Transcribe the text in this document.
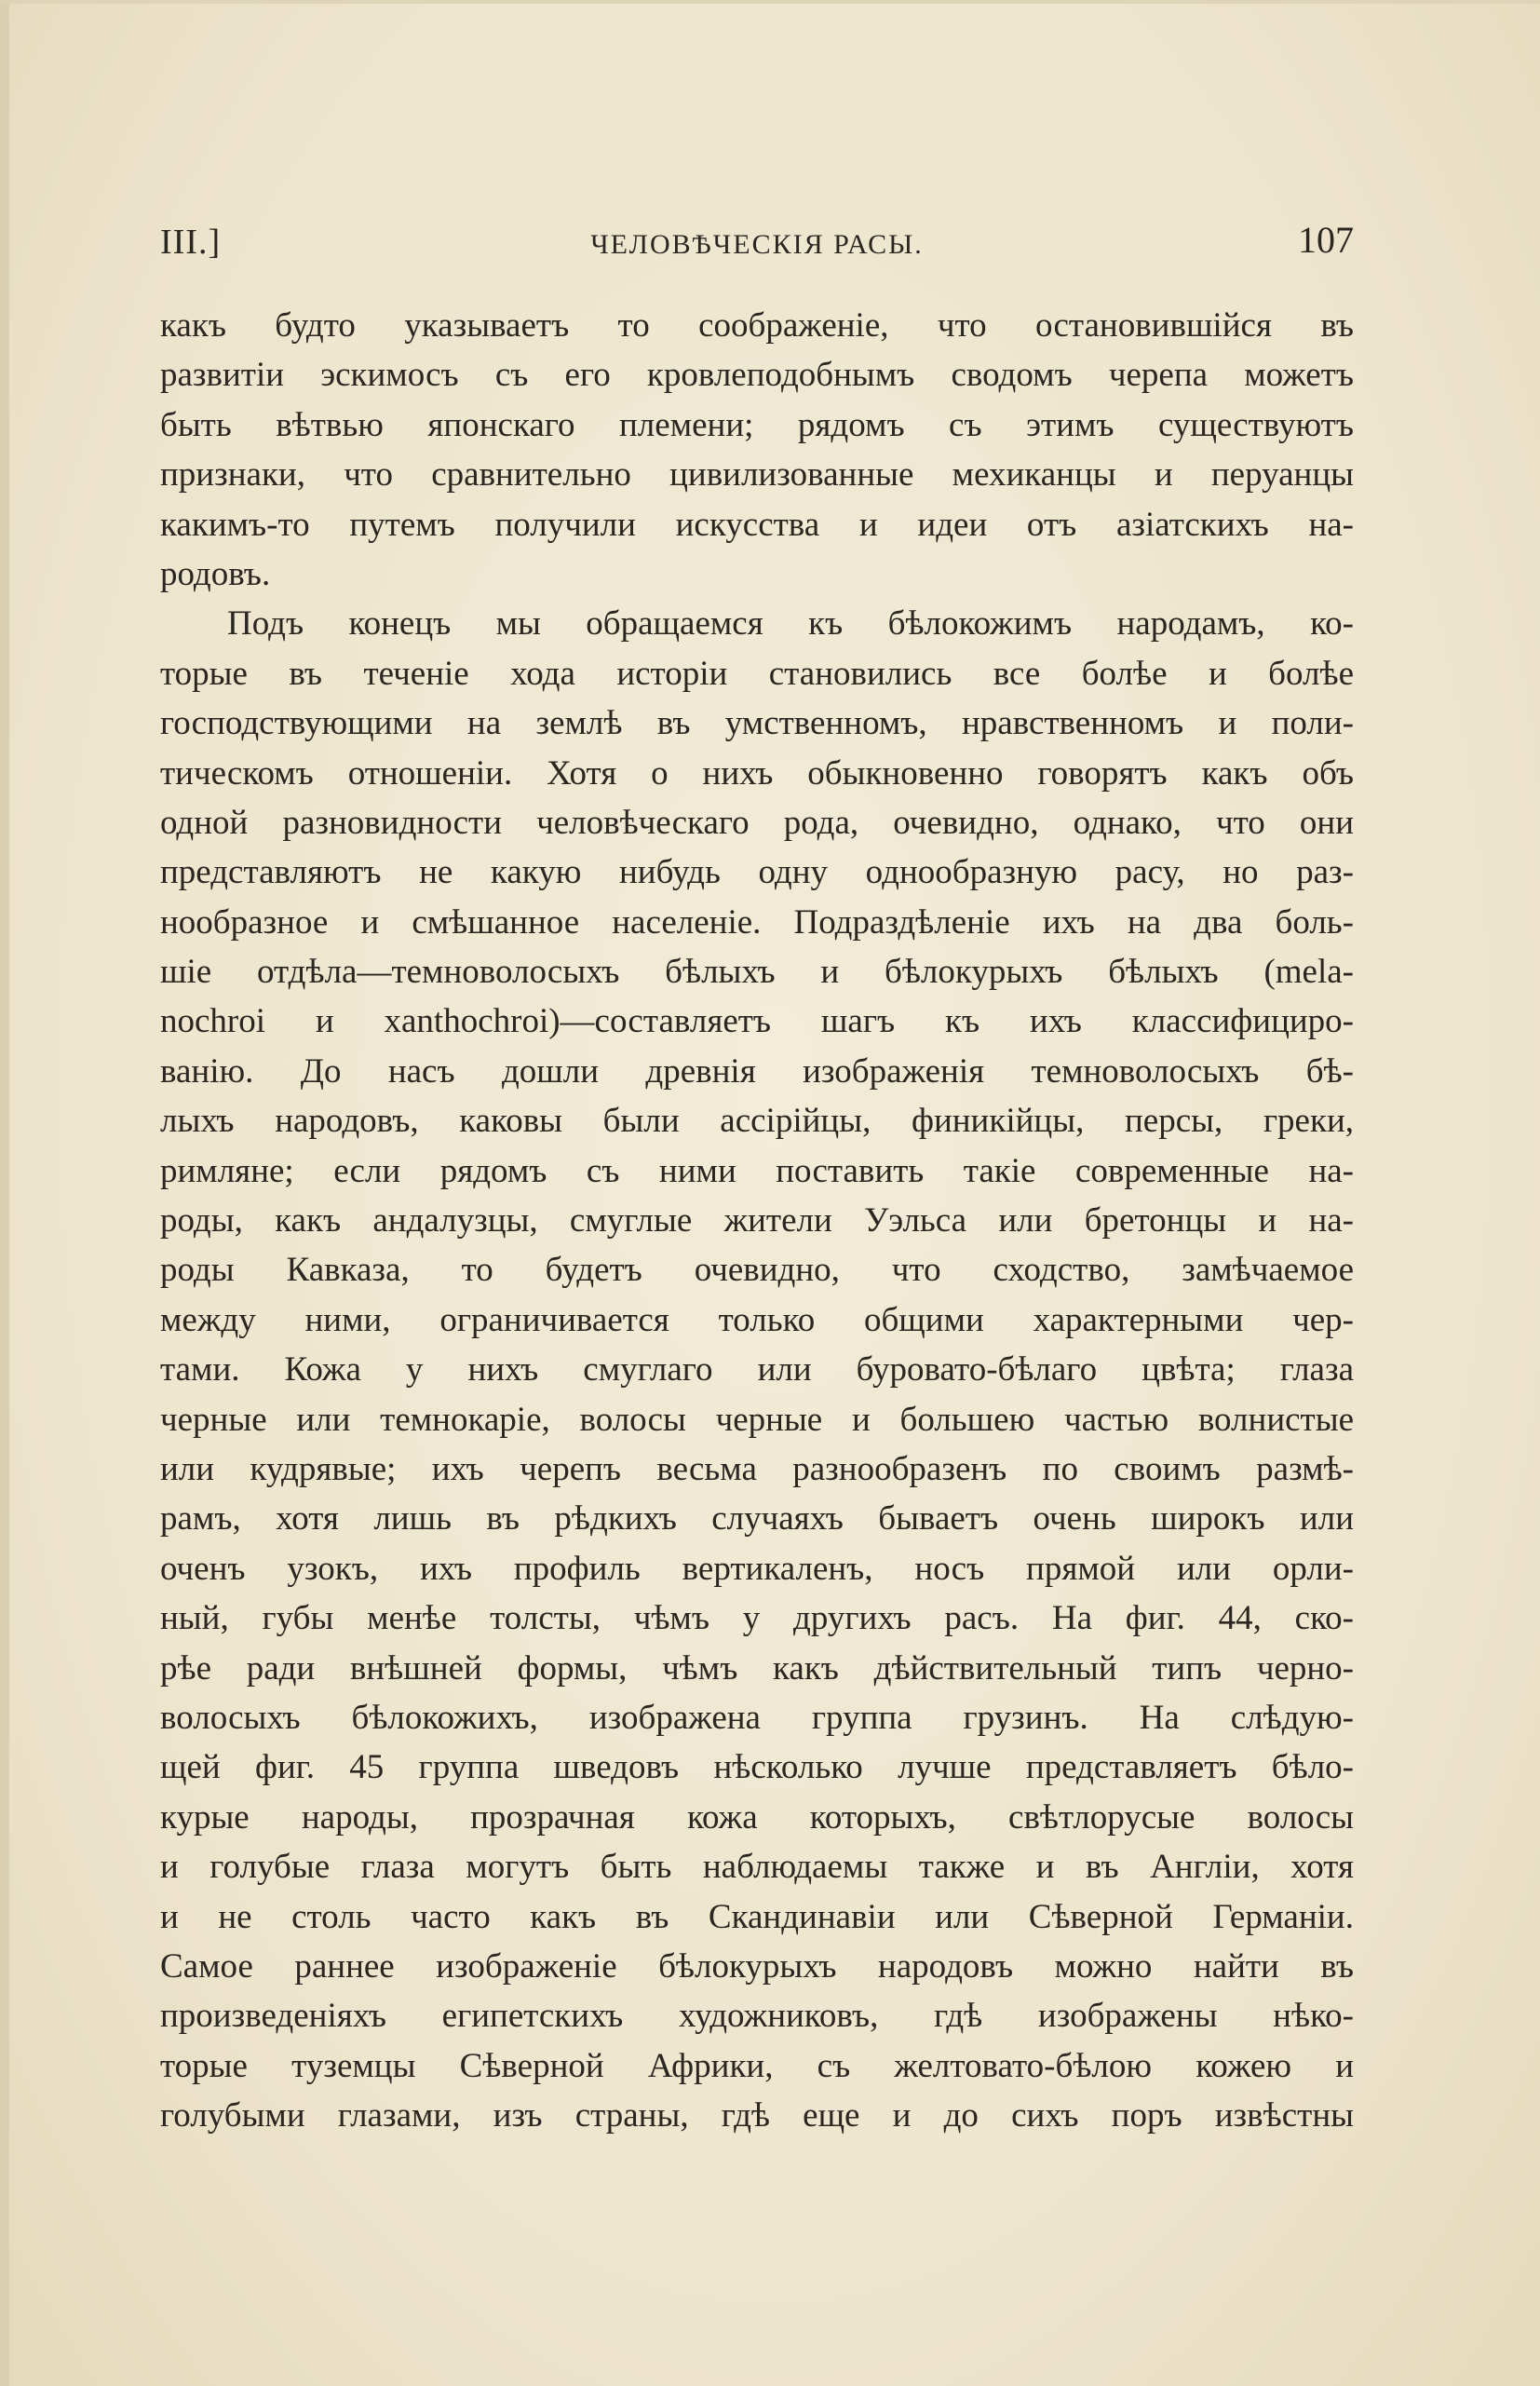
III.]	ЧЕЛОВѢЧЕСКІЯ РАСЫ.	107
какъ будто указываетъ то соображеніе, что остановившійся въ
развитіи эскимосъ съ его кровлеподобнымъ сводомъ черепа можетъ
быть вѣтвью японскаго племени; рядомъ съ этимъ существуютъ
признаки, что сравнительно цивилизованные мехиканцы и перуанцы
какимъ-то путемъ получили искусства и идеи отъ азіатскихъ на-
родовъ.
Подъ конецъ мы обращаемся къ бѣлокожимъ народамъ, ко-
торые въ теченіе хода исторіи становились все болѣе и болѣе
господствующими на землѣ въ умственномъ, нравственномъ и поли-
тическомъ отношеніи. Хотя о нихъ обыкновенно говорятъ какъ объ
одной разновидности человѣческаго рода, очевидно, однако, что они
представляютъ не какую нибудь одну однообразную расу, но раз-
нообразное и смѣшанное населеніе. Подраздѣленіе ихъ на два боль-
шіе отдѣла—темноволосыхъ бѣлыхъ и бѣлокурыхъ бѣлыхъ (mela-
nochroi и xanthochroi)—составляетъ шагъ къ ихъ классифициро-
ванію. До насъ дошли древнія изображенія темноволосыхъ бѣ-
лыхъ народовъ, каковы были ассірійцы, финикійцы, персы, греки,
римляне; если рядомъ съ ними поставить такіе современные на-
роды, какъ андалузцы, смуглые жители Уэльса или бретонцы и на-
роды Кавказа, то будетъ очевидно, что сходство, замѣчаемое
между ними, ограничивается только общими характерными чер-
тами. Кожа у нихъ смуглаго или буровато-бѣлаго цвѣта; глаза
черные или темнокаріе, волосы черные и большею частью волнистые
или кудрявые; ихъ черепъ весьма разнообразенъ по своимъ размѣ-
рамъ, хотя лишь въ рѣдкихъ случаяхъ бываетъ очень широкъ или
оченъ узокъ, ихъ профиль вертикаленъ, носъ прямой или орли-
ный, губы менѣе толсты, чѣмъ у другихъ расъ. На фиг. 44, ско-
рѣе ради внѣшней формы, чѣмъ какъ дѣйствительный типъ черно-
волосыхъ бѣлокожихъ, изображена группа грузинъ. На слѣдую-
щей фиг. 45 группа шведовъ нѣсколько лучше представляетъ бѣло-
курые народы, прозрачная кожа которыхъ, свѣтлорусые волосы
и голубые глаза могутъ быть наблюдаемы также и въ Англіи, хотя
и не столь часто какъ въ Скандинавіи или Сѣверной Германіи.
Самое раннее изображеніе бѣлокурыхъ народовъ можно найти въ
произведеніяхъ египетскихъ художниковъ, гдѣ изображены нѣко-
торые туземцы Сѣверной Африки, съ желтовато-бѣлою кожею и
голубыми глазами, изъ страны, гдѣ еще и до сихъ поръ извѣстны
